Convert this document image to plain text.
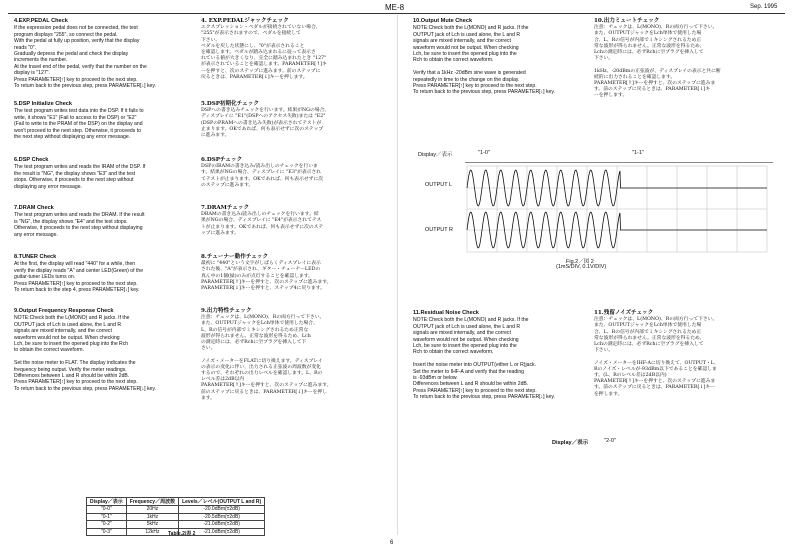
ME-8	Sep. 1995
4.EXP.PEDAL Check

If the expression pedal does not be connected, the test
program displays "255", so connect the pedal.
With the pedal at fully up position, verify that the display
reads "0".
Gradually depress the pedal and check the display
increments the number.
At the travel end of the pedal, verify that the number on the
display is "127".
Press PARAMETER[↑] key to proceed to the next step.
To return back to the previous step, press PARAMETER[↓] key.

5.DSP Initialize Check

The test program writes test data into the DSP. If it fails to
write, it shows "E1" (Fail to access to the DSP) or "E2"
(Fail to write to the PRAM of the DSP) on the display and
won't proceed to the next step. Otherwise, it proceeds to
the next step without displaying any error message.

6.DSP Check

The test program writes and reads the IRAM of the DSP. If
the result is "NG", the display shows "E3" and the test
stops. Otherwise, it proceeds to the next step without
displaying any error message.

7.DRAM Check

The test program writes and reads the DRAM. If the result
is "NG", the display shows "E4" and the test stops.
Otherwise, it proceeds to the next step without displaying
any error message.

8.TUNER Check

At the first, the display will read "440" for a while, then
verify the display reads "A" and center LED(Green) of the
guitar-tuner LEDs turns on.
Press PARAMETER[↑] key to proceed to the next step.
To return back to the step 4, press PARAMETER[↓] key.

9.Output Frequency Response Check

NOTE:Check both the L(MONO) and R jacks. If the
OUTPUT jack of Lch is used alone, the L and R
signals are mixed internally, and the correct
waveform would not be output. When checking
Lch, be sure to insert the opened plug into the Rch
to obtain the correct waveform.

Set the noise meter to FLAT. The display indicates the
frequency being output. Verify the meter readings.
Differences between L and R should be within 2dB.
Press PARAMETER[↑] key to proceed to the next step.
To return back to the previous step, press PARAMETER[↓] key.

4. EXP.PEDALジャックチェック

エクスプレッション・ペダルが接続されていない場合、
"255"が表示されますので、ペダルを接続して
下さい。
ペダルを戻した状態にし、"0"が表示されること
を確認します。ペダルが踏み込まれるに従って表示さ
れている値が大きくなり、完全に踏み込まれたとき "127"
が表示されていることを確認します。PARAMETER[↑]キ
ーを押すと、次のステップに進みます。前のステップに
戻るときは、PARAMETER[↓]キーを押します。

5.DSP初期化チェック

DSPへの書き込みチェックを行います。結果がNGの場合、
ディスプレイに "E1"(DSPへのアクセス失敗)または "E2"
(DSPのPRAMへの書き込み失敗)が表示されてテストが
止まります。OKであれば、何も表示せずに次のステップ
に進みます。

6.DSPチェック

DSPのIRAMの書き込み/読み出しのチェックを行いま
す。結果がNGの場合、ディスプレイに "E3"が表示され
てテストが止まります。OKであれば、何も表示せずに次
のステップに進みます。

7.DRAMチェック

DRAMの書き込み/読み出しのチェックを行います。結
果がNGの場合、ディスプレイに "E4"が表示されてテス
トが止まります。OKであれば、何も表示せずに次のステ
ップに進みます。

8.チューナー動作チェック

最初に "440"という文字がしばらくディスプレイに表示
された後、"A"が表示され、ギター・チューナーLEDの
真ん中の1個(緑)のみが点灯することを確認します。
PARAMETER[↑]キーを押すと、次のステップに進みます。
PARAMETER[↓]キーを押すと、ステップ4に戻ります。

9.出力特性チェック

注意：チェックは、L(MONO)、Rの両方行って下さい。
また、OUTPUTジャックをLch単体で使用した場合、
L、Rの信号が内部でミキシングされるため正常な
波形が得られません。正常な波形を得るため、Lch
の測定時には、必ずRchに空プラグを挿入して下
さい。

ノイズ・メーターをFLATに切り換えます。ディスプレイ
の表示の変化に伴い、出力される正弦波の周波数が変化
するので、それぞれの出力レベルを確認します。L、Rの
レベル差は2dB以内
PARAMETER[↑]キーを押すと、次のステップに進みます。
前のステップに戻るときは、PARAMETER[↓]キーを押し
ます。

Display／表示	Frequency／周波数	Levels／レベル(OUTPUT L and R)
"0-0"	20Hz	-20.0dBm(±2dB)
"0-1"	1kHz	-20.5dBm(±2dB)
"0-2"	5kHz	-21.0dBm(±2dB)
"0-3"	12kHz	-21.0dBm(±2dB)
Table.2/表 2
10.Output Mute Check

NOTE:Check both the L(MONO) and R jacks. If the
OUTPUT jack of Lch is used alone, the L and R
signals are mixed internally, and the correct
waveform would not be output. When checking
Lch, be sure to insert the opened plug into the
Rch to obtain the correct waveform.

Verify that a 1kHz -20dBm sine wave is generated
repeatedly in time to the change on the display.
Press PARAMETER[↑] key to proceed to the next step.
To return back to the previous step, press PARAMETER[↓] key.

11.Residual Noise Check

NOTE:Check both the L(MONO) and R jacks. If the
OUTPUT jack of Lch is used alone, the L and R
signals are mixed internally, and the correct
waveform would not be output. When checking
Lch, be sure to insert the opened plug into the
Rch to obtain the correct waveform.

Insert the noise meter into OUTPUT(either L or R)jack.
Set the meter to IHF-A and verify that the reading
is -93dBm or below.
Differences between L and R should be within 2dB.
Press PARAMETER[↑] key to proceed to the next step.
To return back to the previous step, press PARAMETER[↓] key.

10.出力ミュートチェック

注意：チェックは、L(MONO)、Rの両方行って下さい。
また、OUTPUTジャックをLch単体で使用した場
合、L、Rの信号が内部でミキシングされるため正
常な波形が得られません。正常な波形を得るため、
Lchの測定時には、必ずRchに空プラグを挿入して
下さい。

1kHz、-20dBmの正弦波が、ディスプレイの表示と共に断
続的に出力されることを確認します。
PARAMETER[↑]キーを押すと、次のステップに進みま
す。前のステップに戻るときは、PARAMETER[↓]キ
ーを押します。

11.残留ノイズチェック

注意：チェックは、L(MONO)、Rの両方行って下さい。
また、OUTPUTジャックをLch単体で使用した場
合、L、Rの信号が内部でミキシングされるため正
常な波形が得られません。正常な波形を得るため、
Lchの測定時には、必ずRchに空プラグを挿入して
下さい。

ノイズ・メーターをIHF-Aに切り換えて、OUTPUT・L、
Rのノイズ・レベルが-93dBm以下であることを確認しま
す。(L、Rのレベル差は2dB以内)
PARAMETER[↑]キーを押すと、次のステップに進みま
す。前のステップに戻るときは、PARAMETER[↓]キー
を押します。

Display／表示	"1-0"	"1-1"
OUTPUT L
OUTPUT R
Fig.2／図 2
(1mS/DIV, 0.1V/DIV)
Display／表示	"2-0"
6
